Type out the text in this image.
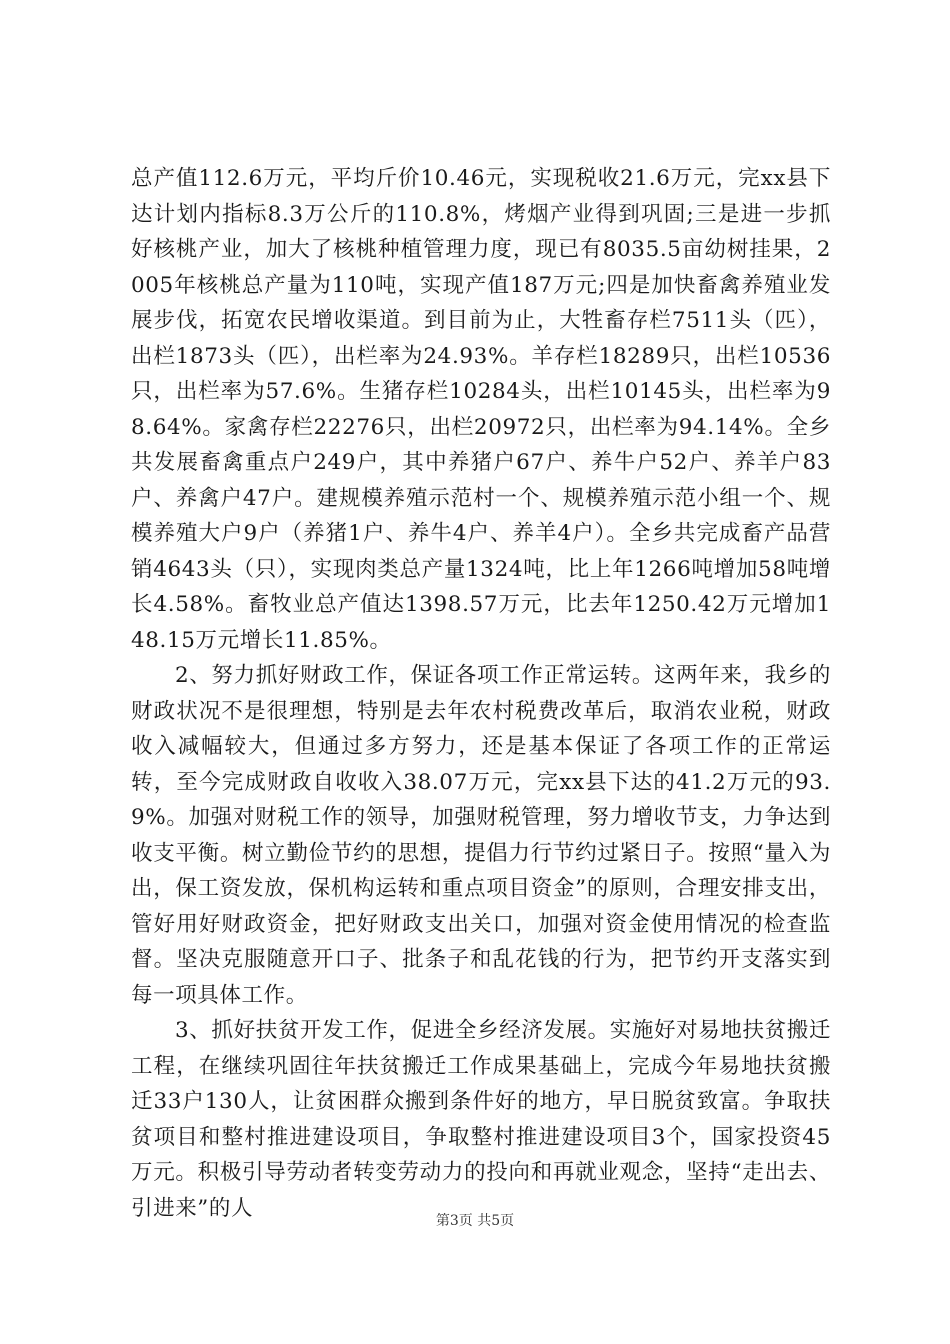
总产值112.6万元，平均斤价10.46元，实现税收21.6万元，完xx县下达计划内指标8.3万公斤的110.8%，烤烟产业得到巩固;三是进一步抓好核桃产业，加大了核桃种植管理力度，现已有8035.5亩幼树挂果，2005年核桃总产量为110吨，实现产值187万元;四是加快畜禽养殖业发展步伐，拓宽农民增收渠道。到目前为止，大牲畜存栏7511头（匹），出栏1873头（匹），出栏率为24.93%。羊存栏18289只，出栏10536只，出栏率为57.6%。生猪存栏10284头，出栏10145头，出栏率为98.64%。家禽存栏22276只，出栏20972只，出栏率为94.14%。全乡共发展畜禽重点户249户，其中养猪户67户、养牛户52户、养羊户83户、养禽户47户。建规模养殖示范村一个、规模养殖示范小组一个、规模养殖大户9户（养猪1户、养牛4户、养羊4户）。全乡共完成畜产品营销4643头（只），实现肉类总产量1324吨，比上年1266吨增加58吨增长4.58%。畜牧业总产值达1398.57万元，比去年1250.42万元增加148.15万元增长11.85%。

2、努力抓好财政工作，保证各项工作正常运转。这两年来，我乡的财政状况不是很理想，特别是去年农村税费改革后，取消农业税，财政收入减幅较大，但通过多方努力，还是基本保证了各项工作的正常运转，至今完成财政自收收入38.07万元，完xx县下达的41.2万元的93.9%。加强对财税工作的领导，加强财税管理，努力增收节支，力争达到收支平衡。树立勤俭节约的思想，提倡力行节约过紧日子。按照“量入为出，保工资发放，保机构运转和重点项目资金”的原则，合理安排支出，管好用好财政资金，把好财政支出关口，加强对资金使用情况的检查监督。坚决克服随意开口子、批条子和乱花钱的行为，把节约开支落实到每一项具体工作。

3、抓好扶贫开发工作，促进全乡经济发展。实施好对易地扶贫搬迁工程，在继续巩固往年扶贫搬迁工作成果基础上，完成今年易地扶贫搬迁33户130人，让贫困群众搬到条件好的地方，早日脱贫致富。争取扶贫项目和整村推进建设项目，争取整村推进建设项目3个，国家投资45万元。积极引导劳动者转变劳动力的投向和再就业观念，坚持“走出去、引进来”的人

第3页 共5页
